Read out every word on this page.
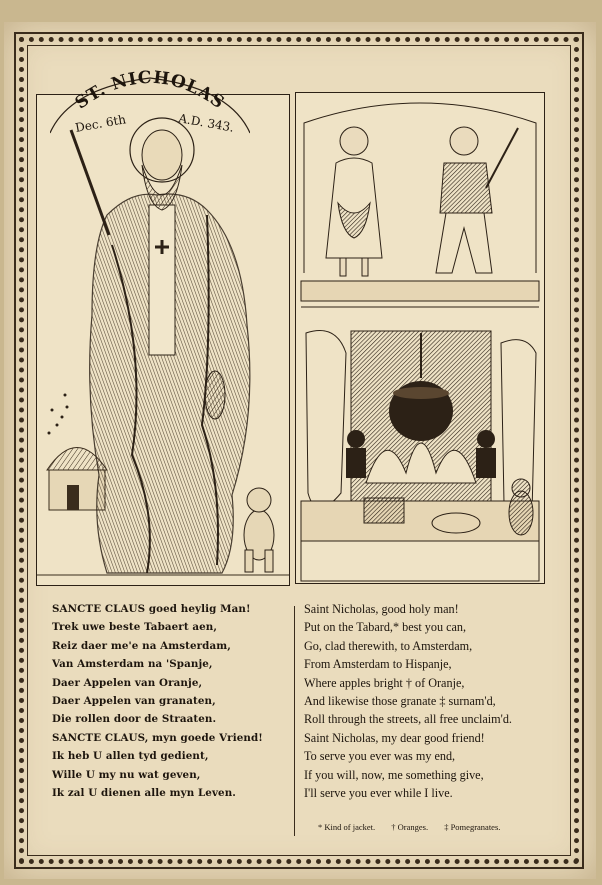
ST. NICHOLAS
Dec. 6th	A.D. 343.
SANCTE CLAUS goed heylig Man!
Trek uwe beste Tabaert aen,
Reiz daer me'e na Amsterdam,
Van Amsterdam na 'Spanje,
Daer Appelen van Oranje,
Daer Appelen van granaten,
Die rollen door de Straaten.
SANCTE CLAUS, myn goede Vriend!
Ik heb U allen tyd gedient,
Wille U my nu wat geven,
Ik zal U dienen alle myn Leven.
Saint Nicholas, good holy man!
Put on the Tabard,* best you can,
Go, clad therewith, to Amsterdam,
From Amsterdam to Hispanje,
Where apples bright † of Oranje,
And likewise those granate ‡ surnam'd,
Roll through the streets, all free unclaim'd.
Saint Nicholas, my dear good friend!
To serve you ever was my end,
If you will, now, me something give,
I'll serve you ever while I live.
* Kind of jacket. † Oranges. ‡ Pomegranates.
